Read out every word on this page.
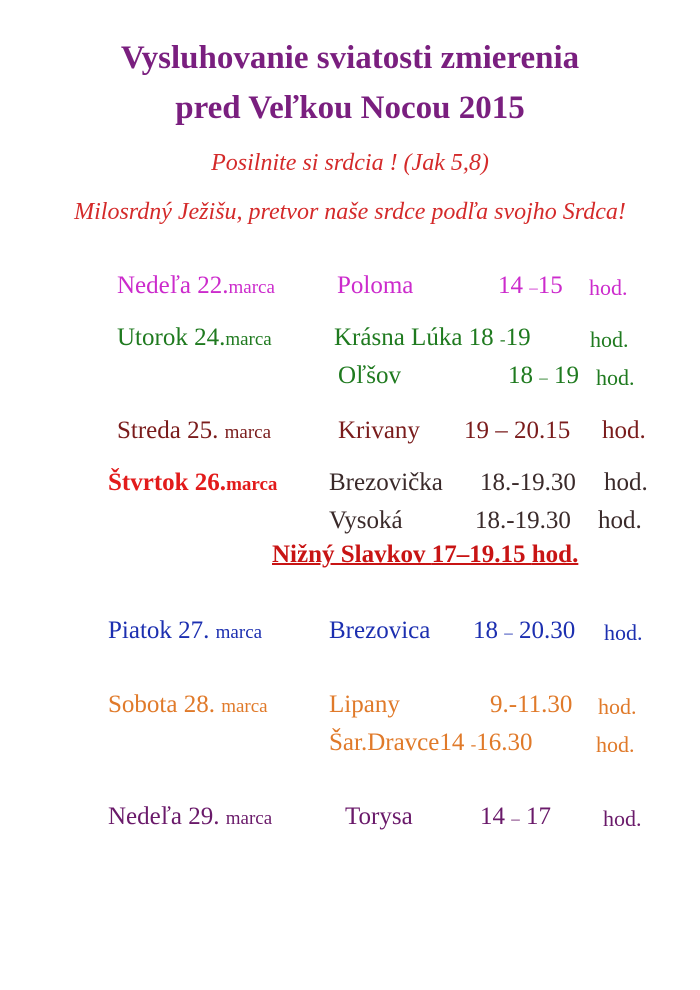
Vysluhovanie sviatosti zmierenia
pred Veľkou Nocou 2015
Posilnite si srdcia ! (Jak 5,8)
Milosrdný Ježišu, pretvor naše srdce podľa svojho Srdca!
Nedeľa 22.marca Poloma	14 –15 hod.
Utorok 24.marca Krásna Lúka 18 -19	hod.
Oľšov	18 – 19 hod.
Streda 25. marca	Krivany 19 – 20.15 hod.
Štvrtok 26.marca Brezovička 18.-19.30 hod.
Vysoká	18.-19.30 hod.
Nižný Slavkov 17–19.15 hod.
Piatok 27. marca	Brezovica 18 – 20.30 hod.
Sobota 28. marca Lipany	9.-11.30 hod.
Šar.Dravce14 -16.30	hod.
Nedeľa 29. marca	Torysa	14 – 17 hod.
